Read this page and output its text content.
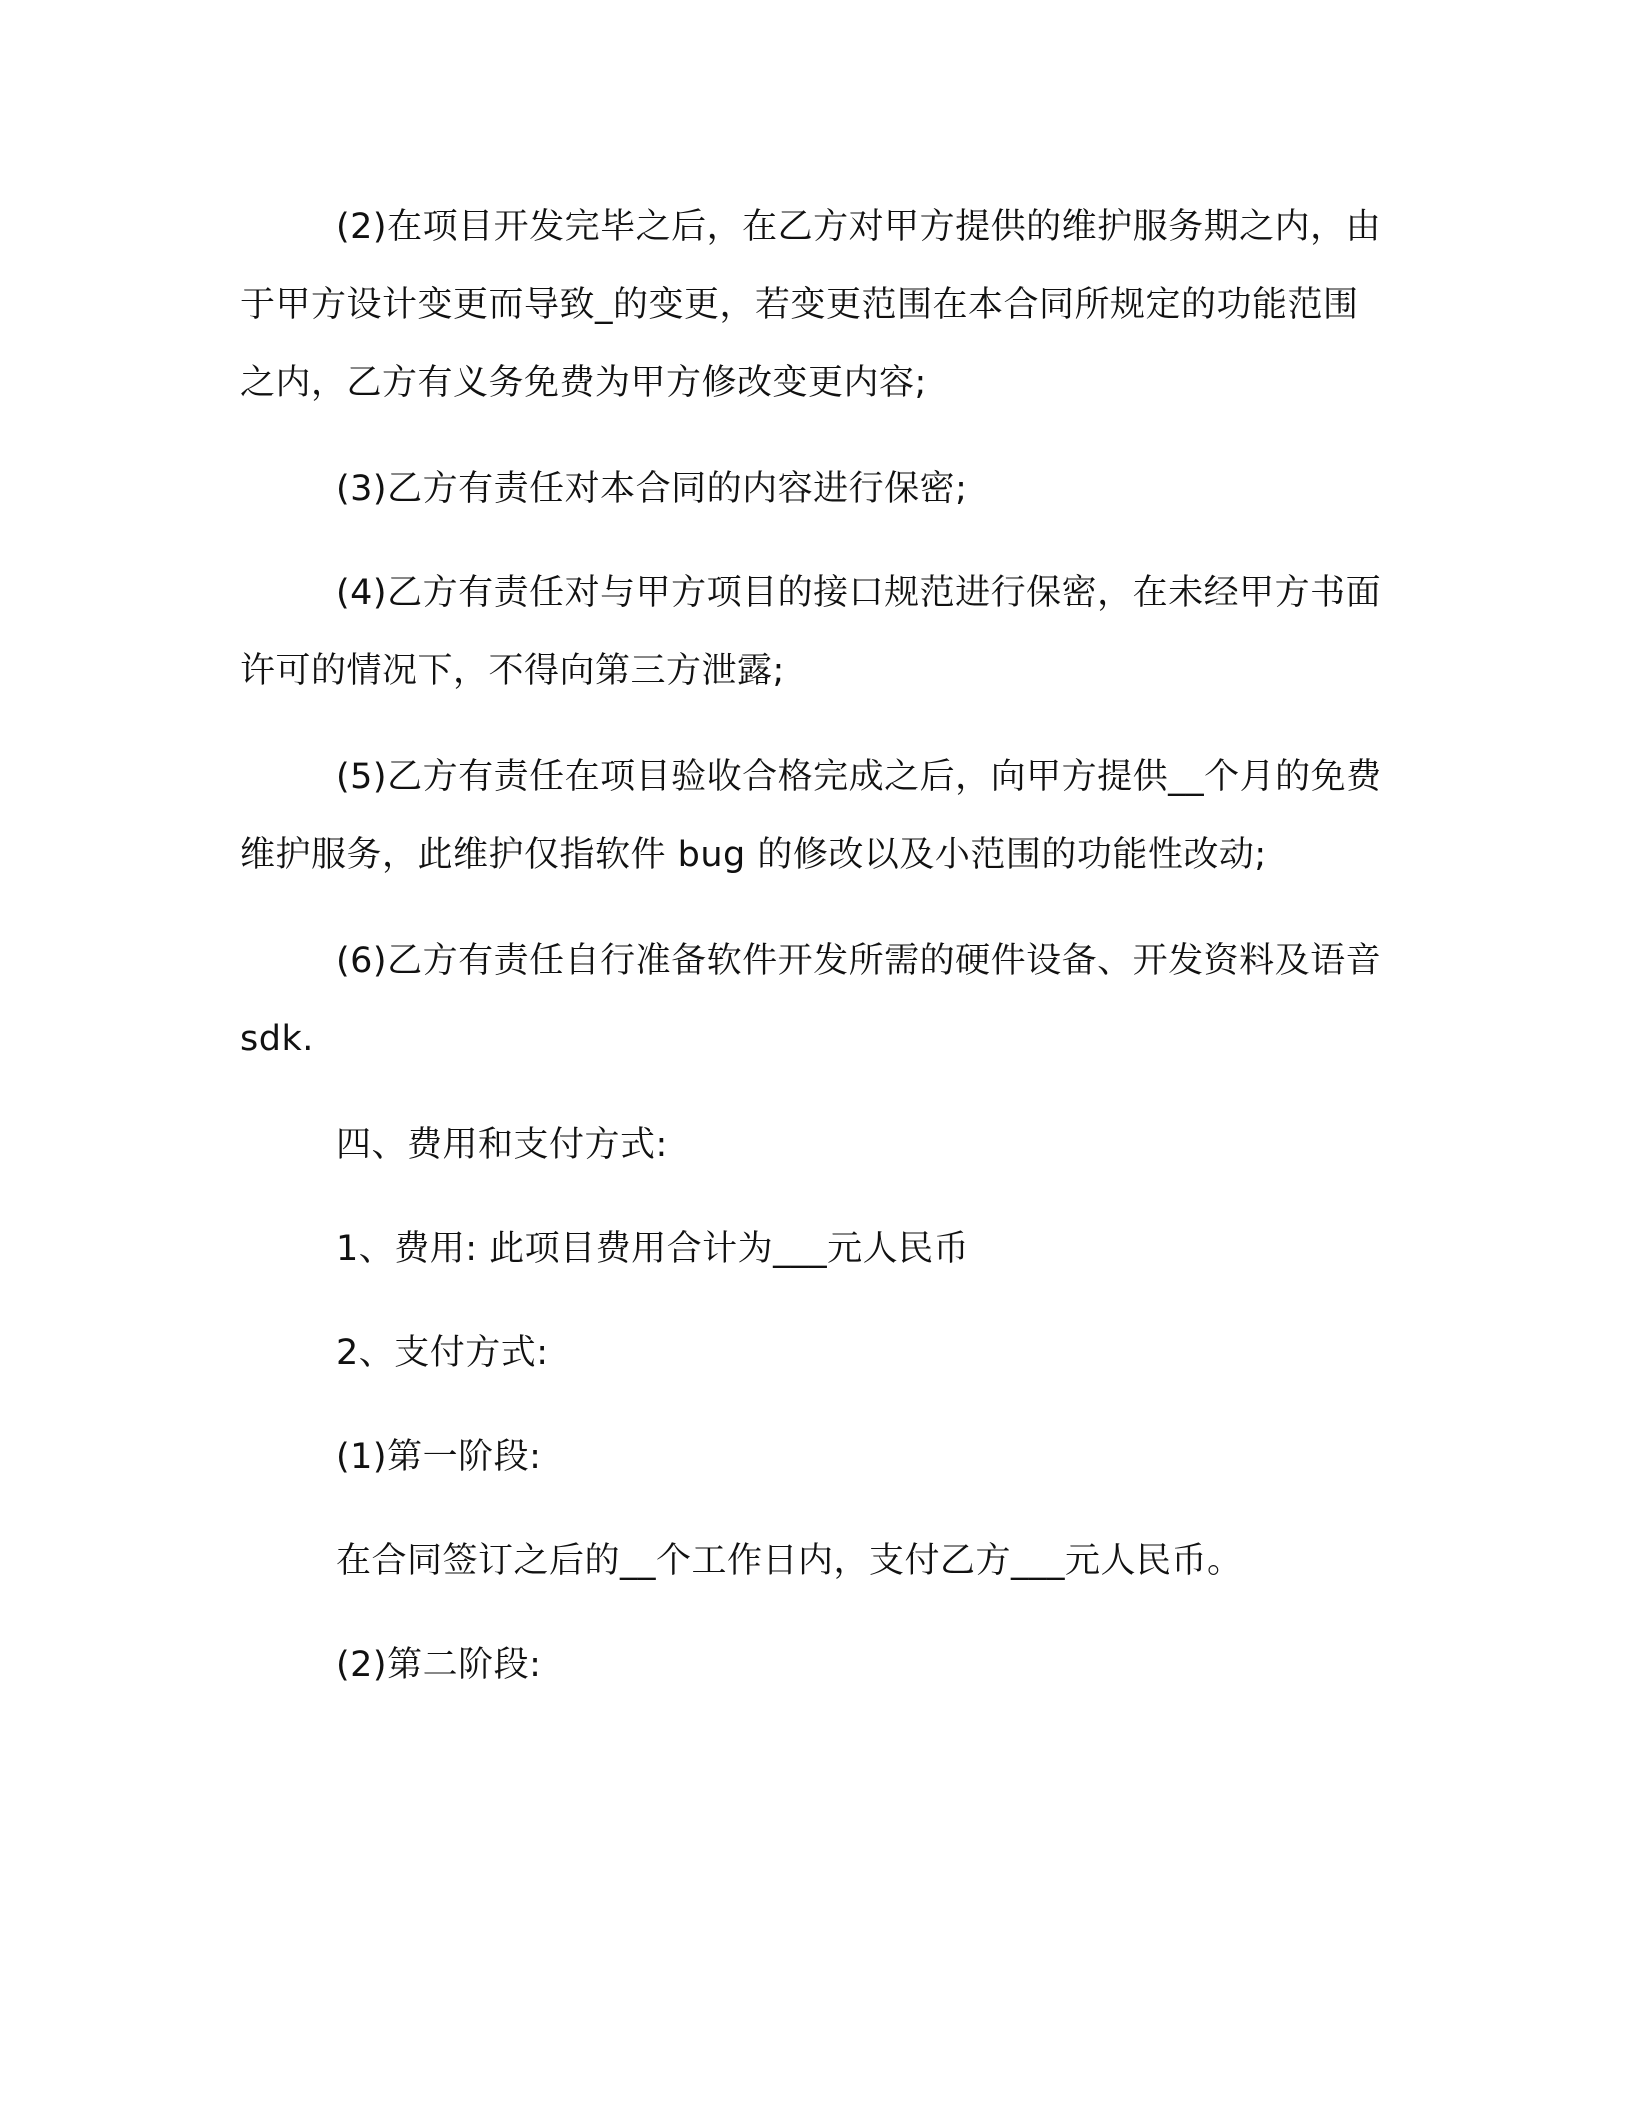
(2)在项目开发完毕之后，在乙方对甲方提供的维护服务期之内，由于甲方设计变更而导致_的变更，若变更范围在本合同所规定的功能范围之内，乙方有义务免费为甲方修改变更内容;

(3)乙方有责任对本合同的内容进行保密;

(4)乙方有责任对与甲方项目的接口规范进行保密，在未经甲方书面许可的情况下，不得向第三方泄露;

(5)乙方有责任在项目验收合格完成之后，向甲方提供__个月的免费维护服务，此维护仅指软件 bug 的修改以及小范围的功能性改动;

(6)乙方有责任自行准备软件开发所需的硬件设备、开发资料及语音 sdk.

四、费用和支付方式:

1、费用: 此项目费用合计为___元人民币

2、支付方式:

(1)第一阶段:

在合同签订之后的__个工作日内，支付乙方___元人民币。

(2)第二阶段:
